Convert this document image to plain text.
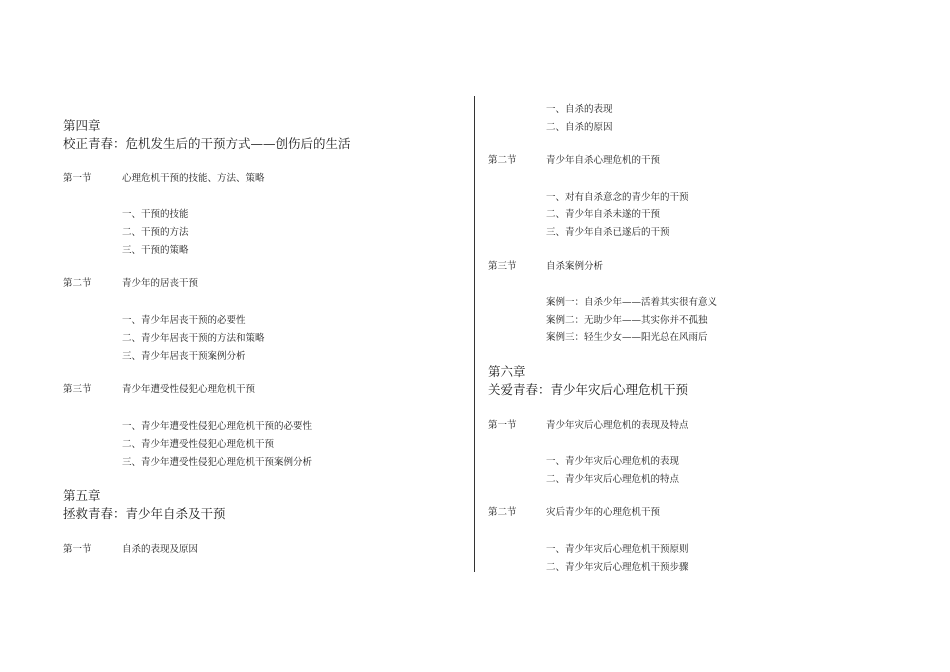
第四章
校正青春：危机发生后的干预方式——创伤后的生活
第一节	心理危机干预的技能、方法、策略
一、干预的技能
二、干预的方法
三、干预的策略
第二节	青少年的居丧干预
一、青少年居丧干预的必要性
二、青少年居丧干预的方法和策略
三、青少年居丧干预案例分析
第三节	青少年遭受性侵犯心理危机干预
一、青少年遭受性侵犯心理危机干预的必要性
二、青少年遭受性侵犯心理危机干预
三、青少年遭受性侵犯心理危机干预案例分析
第五章
拯救青春：青少年自杀及干预
第一节	自杀的表现及原因
一、自杀的表现
二、自杀的原因
第二节	青少年自杀心理危机的干预
一、对有自杀意念的青少年的干预
二、青少年自杀未遂的干预
三、青少年自杀已遂后的干预
第三节	自杀案例分析
案例一：自杀少年——活着其实很有意义
案例二：无助少年——其实你并不孤独
案例三：轻生少女——阳光总在风雨后
第六章
关爱青春：青少年灾后心理危机干预
第一节	青少年灾后心理危机的表现及特点
一、青少年灾后心理危机的表现
二、青少年灾后心理危机的特点
第二节	灾后青少年的心理危机干预
一、青少年灾后心理危机干预原则
二、青少年灾后心理危机干预步骤
